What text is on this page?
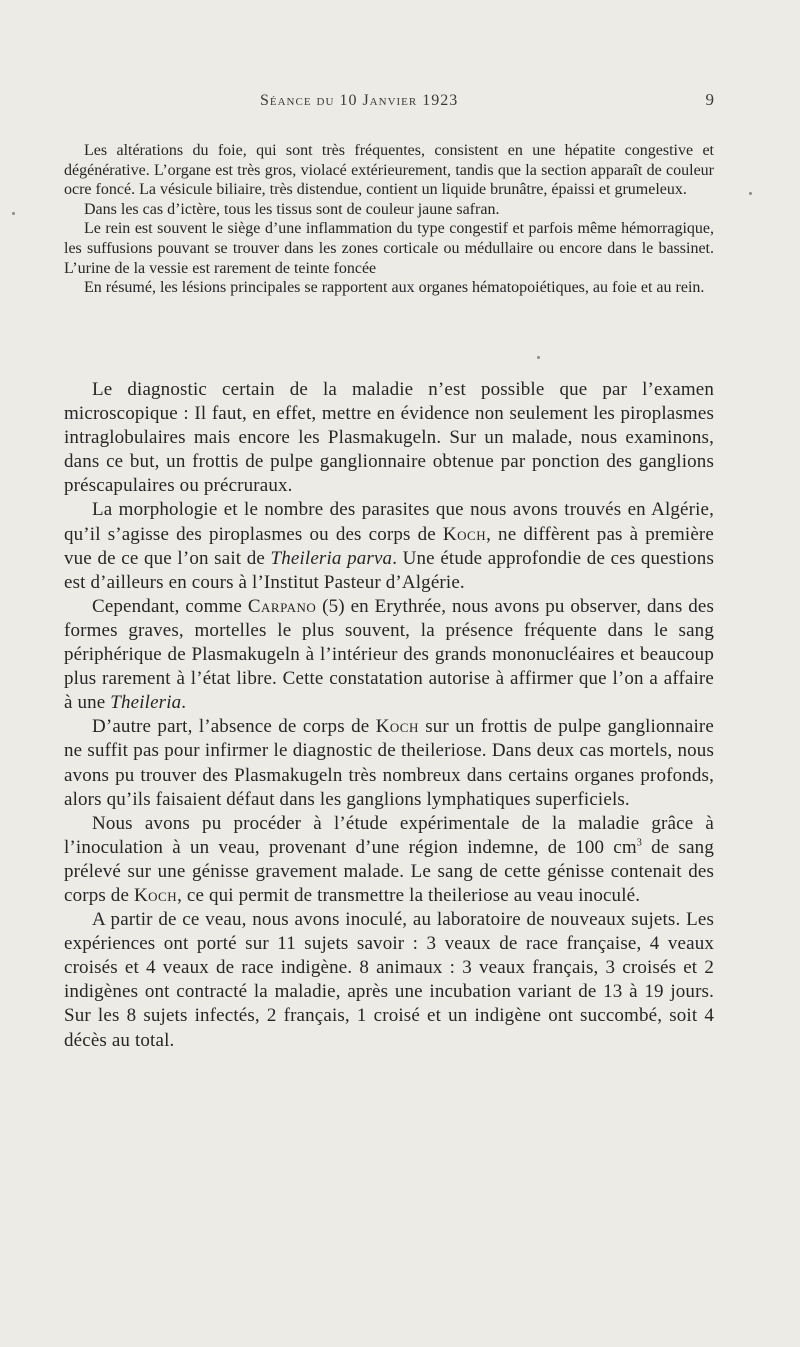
Séance du 10 Janvier 1923	9

Les altérations du foie, qui sont très fréquentes, consistent en une hépatite congestive et dégénérative. L’organe est très gros, violacé extérieurement, tandis que la section apparaît de couleur ocre foncé. La vésicule biliaire, très distendue, contient un liquide brunâtre, épaissi et grumeleux.

Dans les cas d’ictère, tous les tissus sont de couleur jaune safran.

Le rein est souvent le siège d’une inflammation du type congestif et parfois même hémorragique, les suffusions pouvant se trouver dans les zones corticale ou médullaire ou encore dans le bassinet. L’urine de la vessie est rarement de teinte foncée

En résumé, les lésions principales se rapportent aux organes hématopoiétiques, au foie et au rein.

Le diagnostic certain de la maladie n’est possible que par l’examen microscopique : Il faut, en effet, mettre en évidence non seulement les piroplasmes intraglobulaires mais encore les Plasmakugeln. Sur un malade, nous examinons, dans ce but, un frottis de pulpe ganglionnaire obtenue par ponction des ganglions préscapulaires ou précruraux.

La morphologie et le nombre des parasites que nous avons trouvés en Algérie, qu’il s’agisse des piroplasmes ou des corps de Koch, ne diffèrent pas à première vue de ce que l’on sait de Theileria parva. Une étude approfondie de ces questions est d’ailleurs en cours à l’Institut Pasteur d’Algérie.

Cependant, comme Carpano (5) en Erythrée, nous avons pu observer, dans des formes graves, mortelles le plus souvent, la présence fréquente dans le sang périphérique de Plasmakugeln à l’intérieur des grands mononucléaires et beaucoup plus rarement à l’état libre. Cette constatation autorise à affirmer que l’on a affaire à une Theileria.

D’autre part, l’absence de corps de Koch sur un frottis de pulpe ganglionnaire ne suffit pas pour infirmer le diagnostic de theileriose. Dans deux cas mortels, nous avons pu trouver des Plasmakugeln très nombreux dans certains organes profonds, alors qu’ils faisaient défaut dans les ganglions lymphatiques superficiels.

Nous avons pu procéder à l’étude expérimentale de la maladie grâce à l’inoculation à un veau, provenant d’une région indemne, de 100 $cm^3$ de sang prélevé sur une génisse gravement malade. Le sang de cette génisse contenait des corps de Koch, ce qui permit de transmettre la theileriose au veau inoculé.

A partir de ce veau, nous avons inoculé, au laboratoire de nouveaux sujets. Les expériences ont porté sur 11 sujets savoir : 3 veaux de race française, 4 veaux croisés et 4 veaux de race indigène. 8 animaux : 3 veaux français, 3 croisés et 2 indigènes ont contracté la maladie, après une incubation variant de 13 à 19 jours. Sur les 8 sujets infectés, 2 français, 1 croisé et un indigène ont succombé, soit 4 décès au total.
